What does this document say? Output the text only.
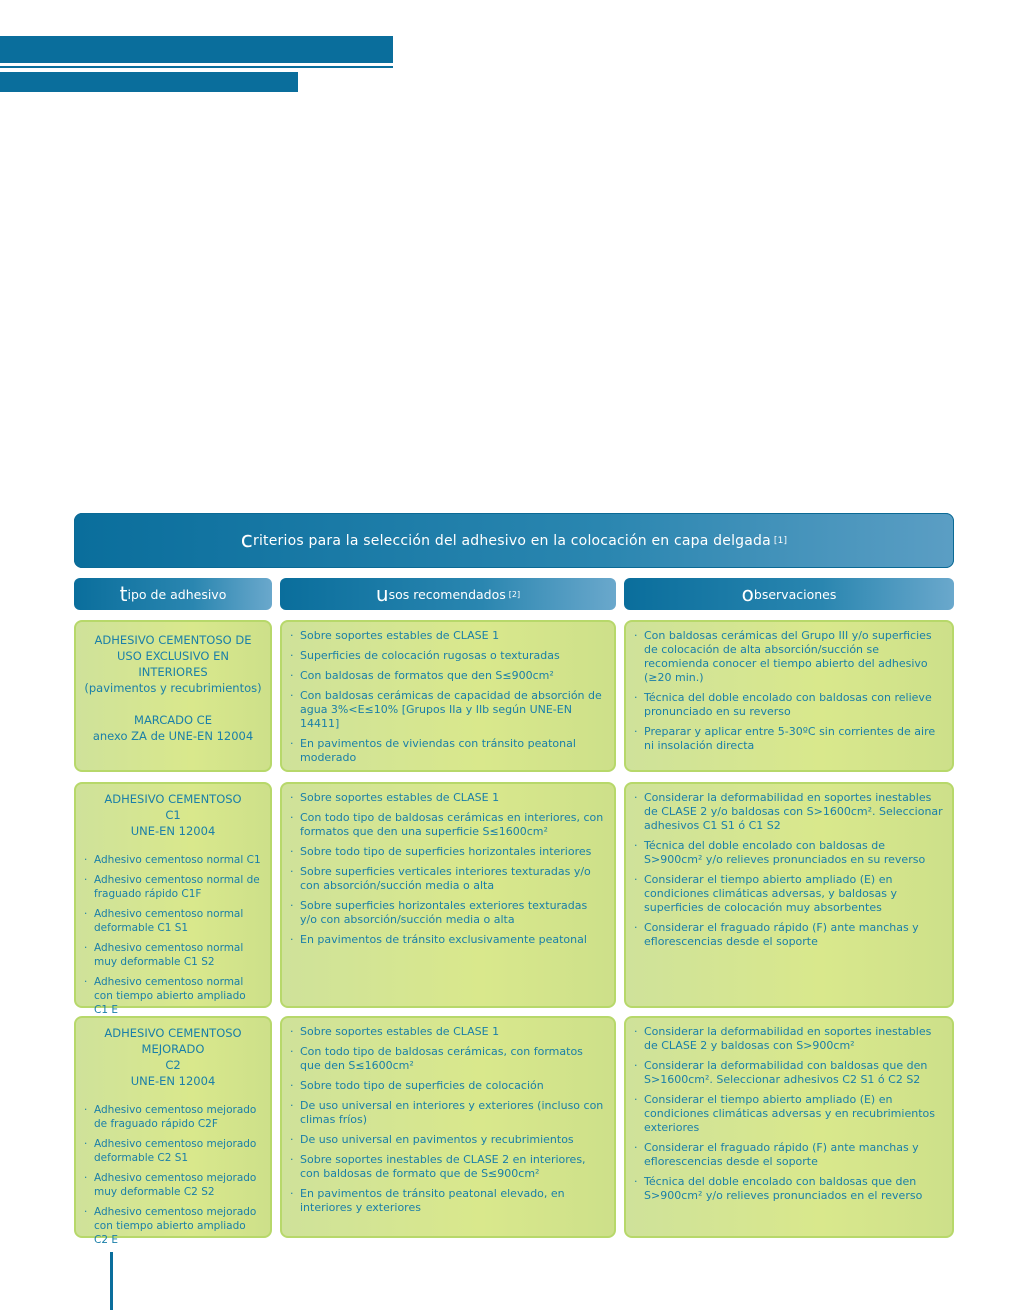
c riterios para la selección del adhesivo en la colocación en capa delgada [1]
t ipo de adhesivo	u sos recomendados [2]	o bservaciones
ADHESIVO CEMENTOSO DE
USO EXCLUSIVO EN
INTERIORES
(pavimentos y recubrimientos)
MARCADO CE
anexo ZA de UNE-EN 12004
· Sobre soportes estables de CLASE 1
· Superficies de colocación rugosas o texturadas
· Con baldosas de formatos que den S≤900cm²
· Con baldosas cerámicas de capacidad de absorción de agua 3%<E≤10% [Grupos IIa y IIb según UNE-EN 14411]
· En pavimentos de viviendas con tránsito peatonal moderado
· Con baldosas cerámicas del Grupo III y/o superficies de colocación de alta absorción/succión se recomienda conocer el tiempo abierto del adhesivo (≥20 min.)
· Técnica del doble encolado con baldosas con relieve pronunciado en su reverso
· Preparar y aplicar entre 5-30ºC sin corrientes de aire ni insolación directa
ADHESIVO CEMENTOSO
C1
UNE-EN 12004
· Adhesivo cementoso normal C1
· Adhesivo cementoso normal de fraguado rápido C1F
· Adhesivo cementoso normal deformable C1 S1
· Adhesivo cementoso normal muy deformable C1 S2
· Adhesivo cementoso normal con tiempo abierto ampliado C1 E
· Sobre soportes estables de CLASE 1
· Con todo tipo de baldosas cerámicas en interiores, con formatos que den una superficie S≤1600cm²
· Sobre todo tipo de superficies horizontales interiores
· Sobre superficies verticales interiores texturadas y/o con absorción/succión media o alta
· Sobre superficies horizontales exteriores texturadas y/o con absorción/succión media o alta
· En pavimentos de tránsito exclusivamente peatonal
· Considerar la deformabilidad en soportes inestables de CLASE 2 y/o baldosas con S>1600cm². Seleccionar adhesivos C1 S1 ó C1 S2
· Técnica del doble encolado con baldosas de S>900cm² y/o relieves pronunciados en su reverso
· Considerar el tiempo abierto ampliado (E) en condiciones climáticas adversas, y baldosas y superficies de colocación muy absorbentes
· Considerar el fraguado rápido (F) ante manchas y eflorescencias desde el soporte
ADHESIVO CEMENTOSO
MEJORADO
C2
UNE-EN 12004
· Adhesivo cementoso mejorado de fraguado rápido C2F
· Adhesivo cementoso mejorado deformable C2 S1
· Adhesivo cementoso mejorado muy deformable C2 S2
· Adhesivo cementoso mejorado con tiempo abierto ampliado C2 E
· Sobre soportes estables de CLASE 1
· Con todo tipo de baldosas cerámicas, con formatos que den S≤1600cm²
· Sobre todo tipo de superficies de colocación
· De uso universal en interiores y exteriores (incluso con climas fríos)
· De uso universal en pavimentos y recubrimientos
· Sobre soportes inestables de CLASE 2 en interiores, con baldosas de formato que de S≤900cm²
· En pavimentos de tránsito peatonal elevado, en interiores y exteriores
· Considerar la deformabilidad en soportes inestables de CLASE 2 y baldosas con S>900cm²
· Considerar la deformabilidad con baldosas que den S>1600cm². Seleccionar adhesivos C2 S1 ó C2 S2
· Considerar el tiempo abierto ampliado (E) en condiciones climáticas adversas y en recubrimientos exteriores
· Considerar el fraguado rápido (F) ante manchas y eflorescencias desde el soporte
· Técnica del doble encolado con baldosas que den S>900cm² y/o relieves pronunciados en el reverso
